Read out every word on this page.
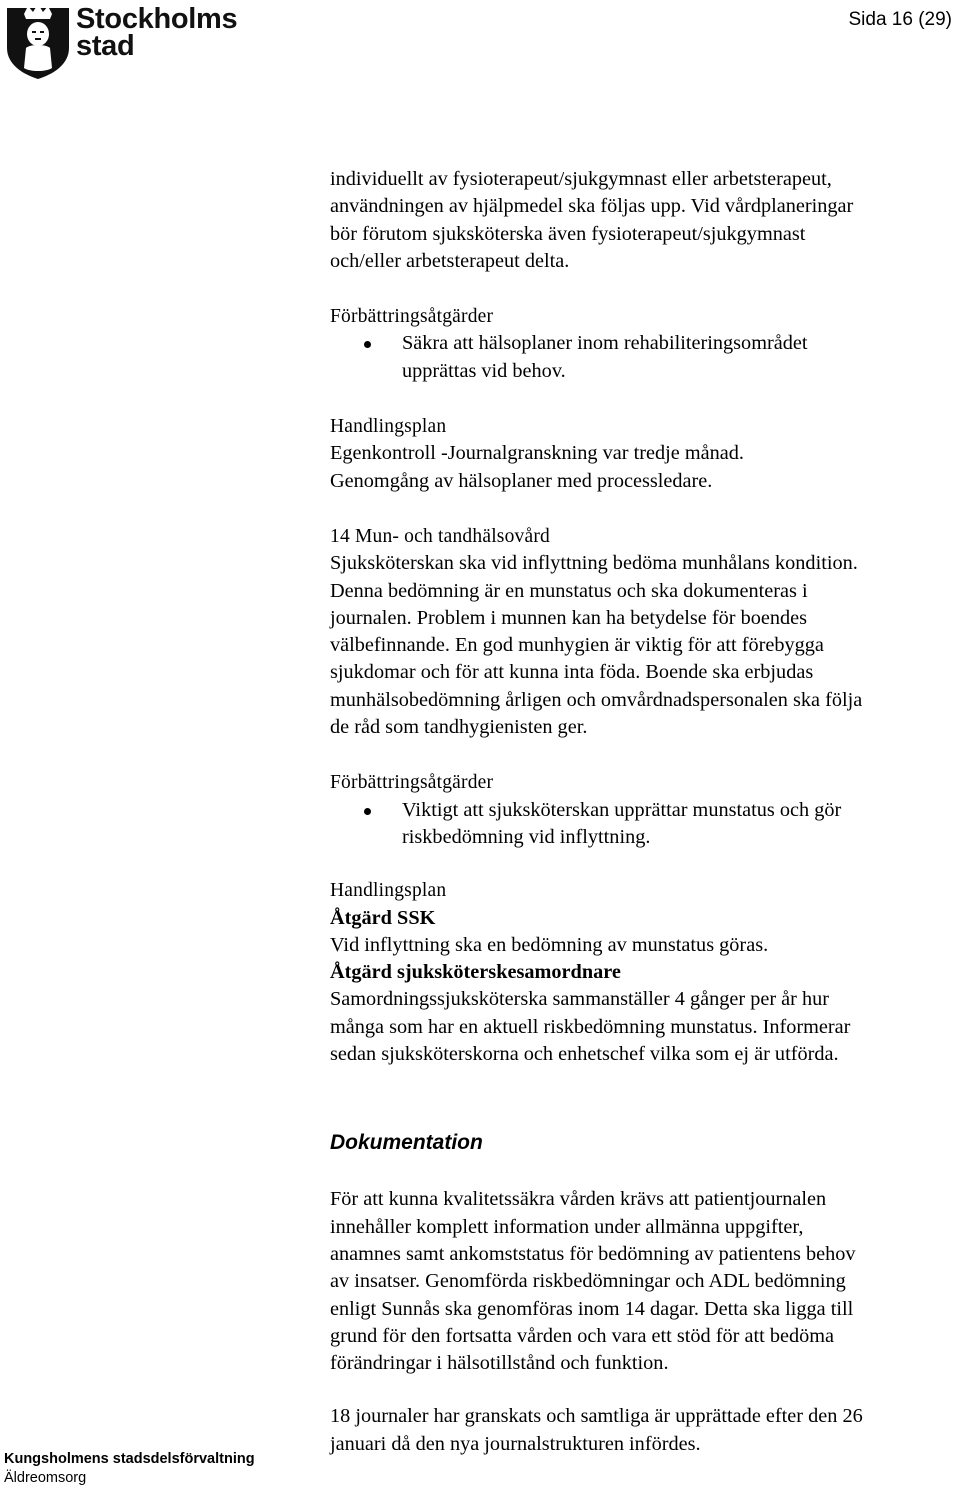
Stockholms
stad
Sida 16 (29)

individuellt av fysioterapeut/sjukgymnast eller arbetsterapeut,

användningen av hjälpmedel ska följas upp. Vid vårdplaneringar

bör förutom sjuksköterska även fysioterapeut/sjukgymnast

och/eller arbetsterapeut delta.

Förbättringsåtgärder

Säkra att hälsoplaner inom rehabiliteringsområdet
upprättas vid behov.

Handlingsplan

Egenkontroll -Journalgranskning var tredje månad.

Genomgång av hälsoplaner med processledare.

14 Mun- och tandhälsovård

Sjuksköterskan ska vid inflyttning bedöma munhålans kondition.

Denna bedömning är en munstatus och ska dokumenteras i

journalen. Problem i munnen kan ha betydelse för boendes

välbefinnande. En god munhygien är viktig för att förebygga

sjukdomar och för att kunna inta föda. Boende ska erbjudas

munhälsobedömning årligen och omvårdnadspersonalen ska följa

de råd som tandhygienisten ger.

Förbättringsåtgärder

Viktigt att sjuksköterskan upprättar munstatus och gör
riskbedömning vid inflyttning.

Handlingsplan

Åtgärd SSK

Vid inflyttning ska en bedömning av munstatus göras.

Åtgärd sjuksköterskesamordnare

Samordningssjuksköterska sammanställer 4 gånger per år hur

många som har en aktuell riskbedömning munstatus. Informerar

sedan sjuksköterskorna och enhetschef vilka som ej är utförda.

Dokumentation

För att kunna kvalitetssäkra vården krävs att patientjournalen

innehåller komplett information under allmänna uppgifter,

anamnes samt ankomststatus för bedömning av patientens behov

av insatser. Genomförda riskbedömningar och ADL bedömning

enligt Sunnås ska genomföras inom 14 dagar. Detta ska ligga till

grund för den fortsatta vården och vara ett stöd för att bedöma

förändringar i hälsotillstånd och funktion.

18 journaler har granskats och samtliga är upprättade efter den 26

januari då den nya journalstrukturen infördes.

Kungsholmens stadsdelsförvaltning
Äldreomsorg
